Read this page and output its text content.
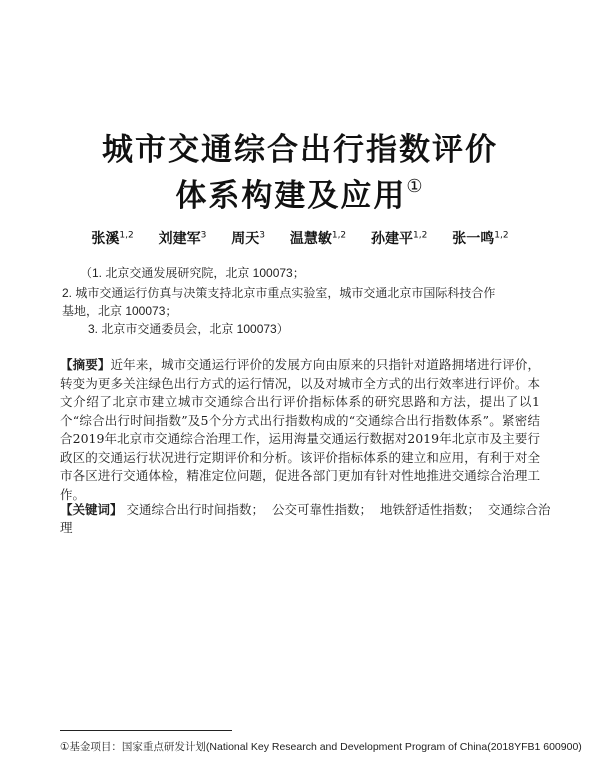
城市交通综合出行指数评价
体系构建及应用①
张溪$^{1,2}$ 刘建军$^3$ 周天$^3$ 温慧敏$^{1,2}$ 孙建平$^{1,2}$ 张一鸣$^{1,2}$
（1. 北京交通发展研究院，北京 100073；
2. 城市交通运行仿真与决策支持北京市重点实验室，城市交通北京市国际科技合作
基地，北京 100073；
3. 北京市交通委员会，北京 100073）
【摘要】近年来，城市交通运行评价的发展方向由原来的只指针对道路拥堵进行评价，转变为更多关注绿色出行方式的运行情况，以及对城市全方式的出行效率进行评价。本文介绍了北京市建立城市交通综合出行评价指标体系的研究思路和方法，提出了以1个“综合出行时间指数”及5个分方式出行指数构成的“交通综合出行指数体系”。紧密结合2019年北京市交通综合治理工作，运用海量交通运行数据对2019年北京市及主要行政区的交通运行状况进行定期评价和分析。该评价指标体系的建立和应用，有利于对全市各区进行交通体检，精准定位问题，促进各部门更加有针对性地推进交通综合治理工作。
【关键词】 交通综合出行时间指数； 公交可靠性指数； 地铁舒适性指数； 交通综合治理
①基金项目：国家重点研发计划(National Key Research and Development Program of China(2018YFB1 600900)
